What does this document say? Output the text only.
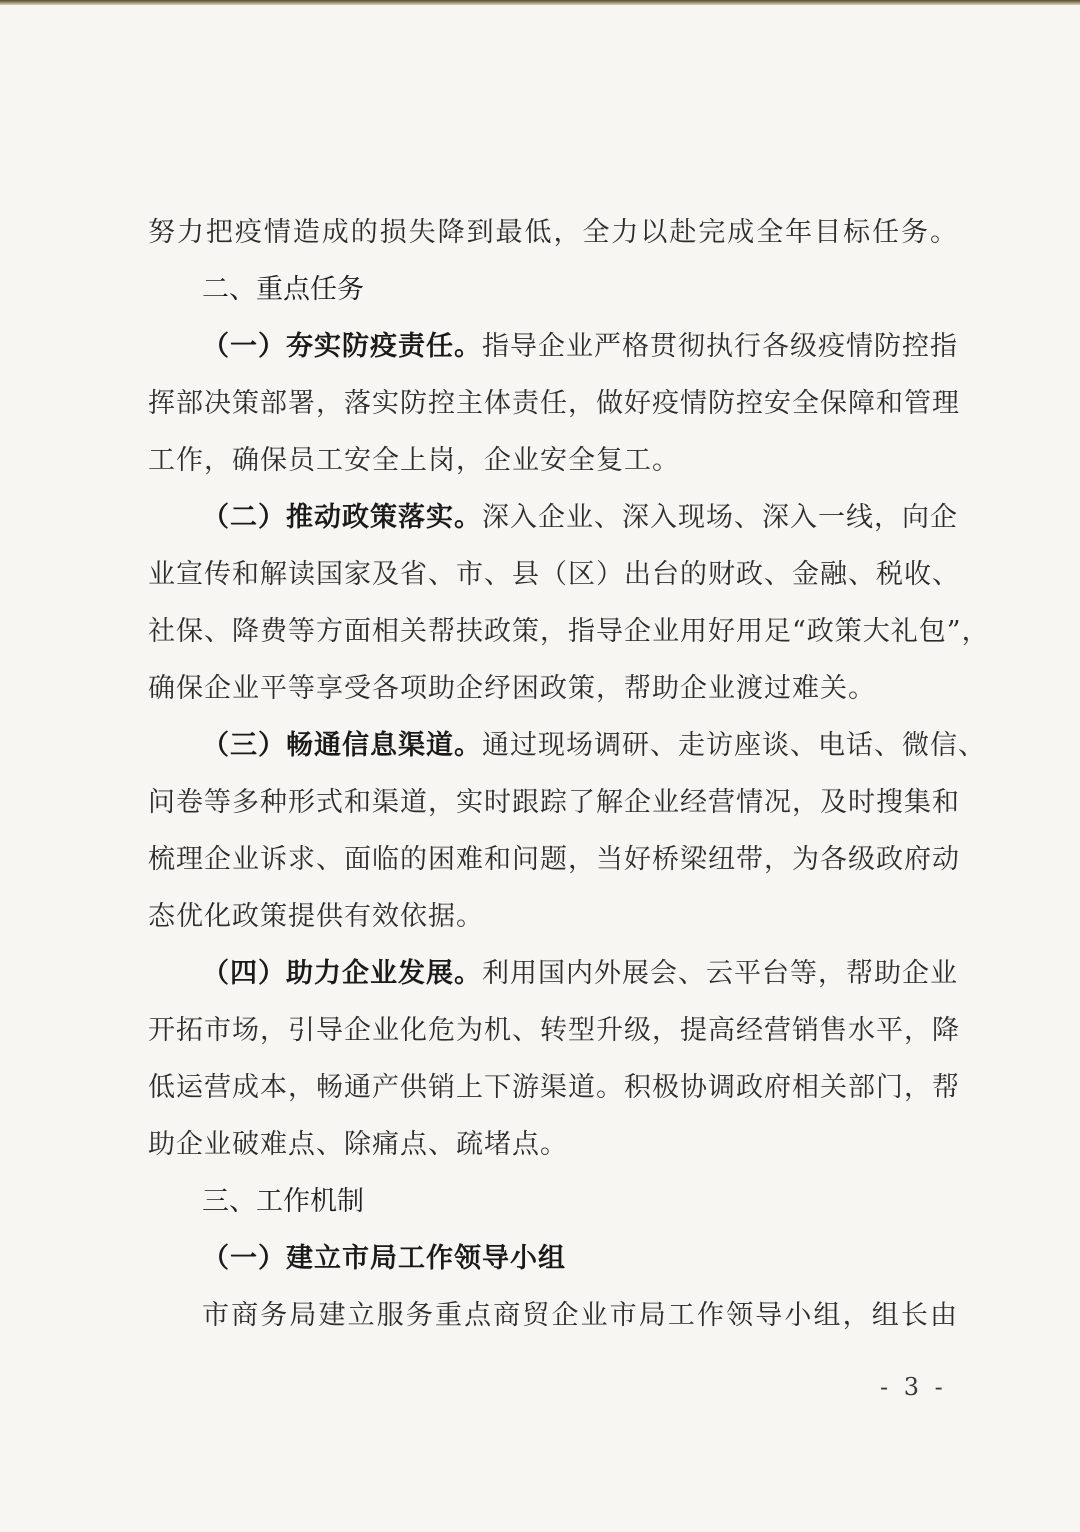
努力把疫情造成的损失降到最低，全力以赴完成全年目标任务。
二、重点任务
（一）夯实防疫责任。指导企业严格贯彻执行各级疫情防控指
挥部决策部署，落实防控主体责任，做好疫情防控安全保障和管理
工作，确保员工安全上岗，企业安全复工。
（二）推动政策落实。深入企业、深入现场、深入一线，向企
业宣传和解读国家及省、市、县（区）出台的财政、金融、税收、
社保、降费等方面相关帮扶政策，指导企业用好用足“政策大礼包”，
确保企业平等享受各项助企纾困政策，帮助企业渡过难关。
（三）畅通信息渠道。通过现场调研、走访座谈、电话、微信、
问卷等多种形式和渠道，实时跟踪了解企业经营情况，及时搜集和
梳理企业诉求、面临的困难和问题，当好桥梁纽带，为各级政府动
态优化政策提供有效依据。
（四）助力企业发展。利用国内外展会、云平台等，帮助企业
开拓市场，引导企业化危为机、转型升级，提高经营销售水平，降
低运营成本，畅通产供销上下游渠道。积极协调政府相关部门，帮
助企业破难点、除痛点、疏堵点。
三、工作机制
（一）建立市局工作领导小组
市商务局建立服务重点商贸企业市局工作领导小组，组长由
- 3 -
